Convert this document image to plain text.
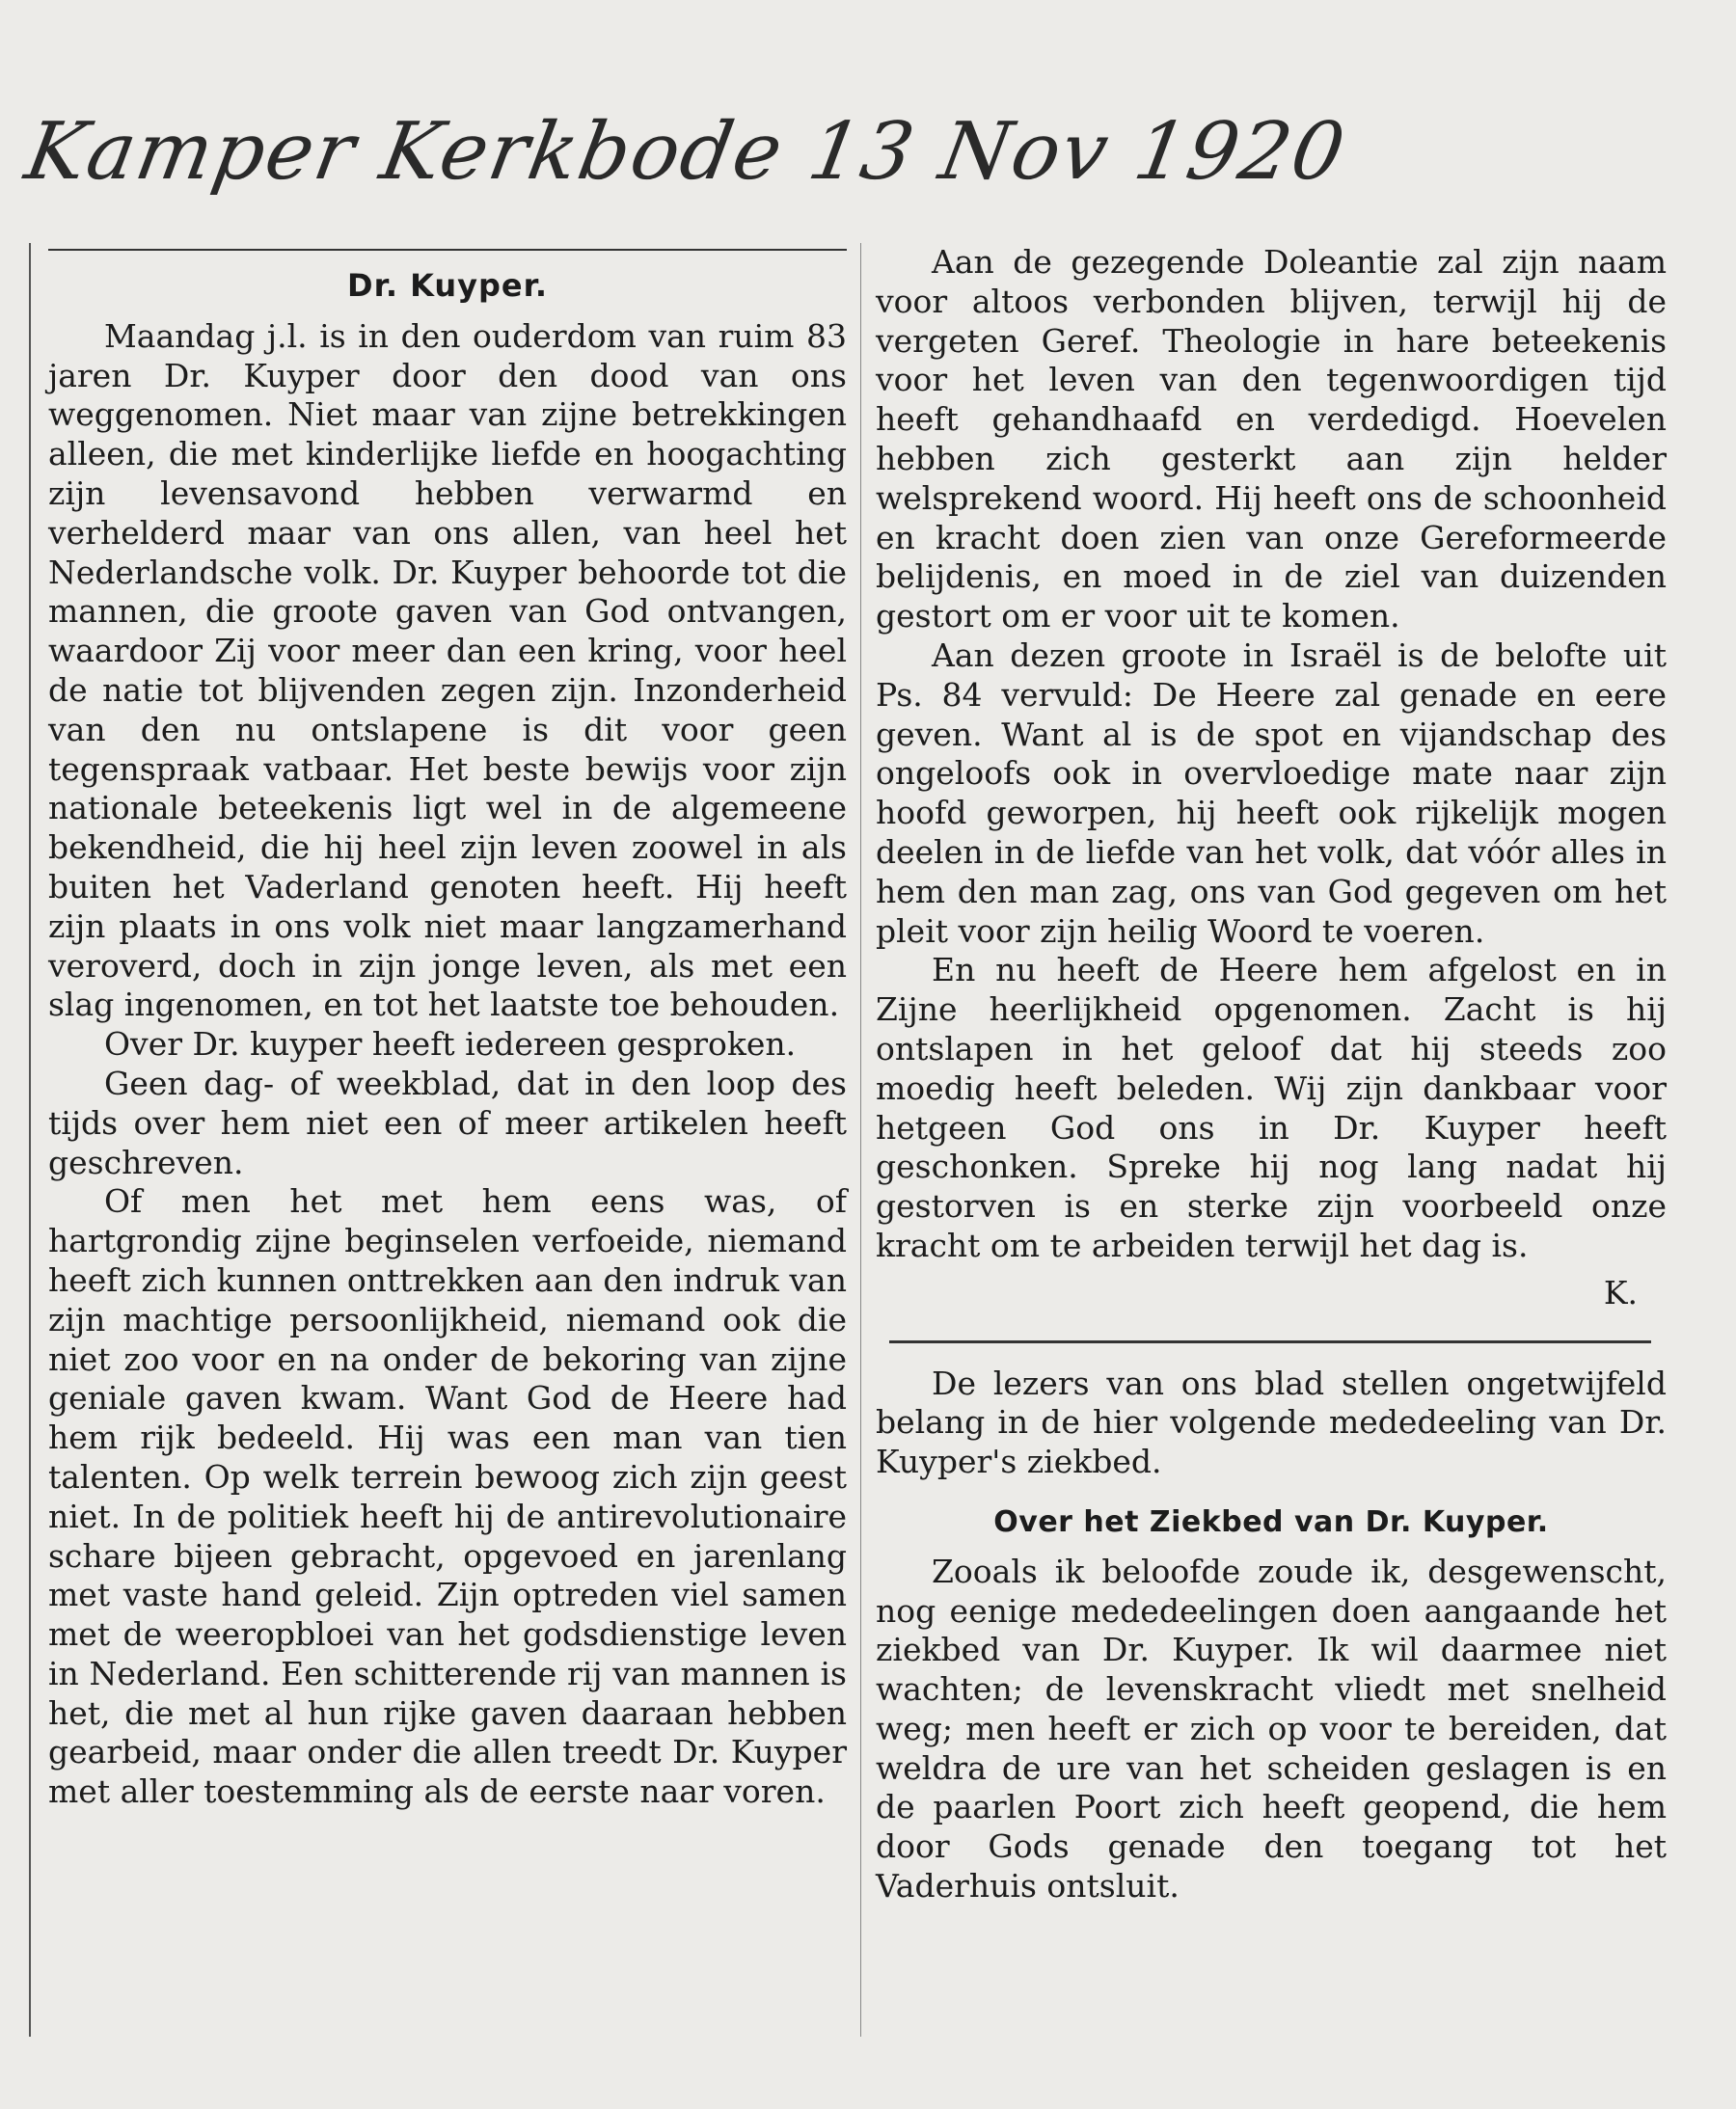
Kamper Kerkbode 13 Nov 1920
Dr. Kuyper.

Maandag j.l. is in den ouderdom van ruim 83 jaren Dr. Kuyper door den dood van ons weggenomen. Niet maar van zijne betrekkingen alleen, die met kinderlijke liefde en hoogachting zijn levensavond hebben verwarmd en verhelderd maar van ons allen, van heel het Nederlandsche volk. Dr. Kuyper behoorde tot die mannen, die groote gaven van God ontvangen, waardoor Zij voor meer dan een kring, voor heel de natie tot blijvenden zegen zijn. Inzonderheid van den nu ontslapene is dit voor geen tegenspraak vatbaar. Het beste bewijs voor zijn nationale beteekenis ligt wel in de algemeene bekendheid, die hij heel zijn leven zoowel in als buiten het Vaderland genoten heeft. Hij heeft zijn plaats in ons volk niet maar langzamerhand veroverd, doch in zijn jonge leven, als met een slag ingenomen, en tot het laatste toe behouden.

Over Dr. kuyper heeft iedereen gesproken.

Geen dag- of weekblad, dat in den loop des tijds over hem niet een of meer artikelen heeft geschreven.

Of men het met hem eens was, of hartgrondig zijne beginselen verfoeide, niemand heeft zich kunnen onttrekken aan den indruk van zijn machtige persoonlijkheid, niemand ook die niet zoo voor en na onder de bekoring van zijne geniale gaven kwam. Want God de Heere had hem rijk bedeeld. Hij was een man van tien talenten. Op welk terrein bewoog zich zijn geest niet. In de politiek heeft hij de antirevolutionaire schare bijeen gebracht, opgevoed en jarenlang met vaste hand geleid. Zijn optreden viel samen met de weeropbloei van het godsdienstige leven in Nederland. Een schitterende rij van mannen is het, die met al hun rijke gaven daaraan hebben gearbeid, maar onder die allen treedt Dr. Kuyper met aller toestemming als de eerste naar voren.

Aan de gezegende Doleantie zal zijn naam voor altoos verbonden blijven, terwijl hij de vergeten Geref. Theologie in hare beteekenis voor het leven van den tegenwoordigen tijd heeft gehandhaafd en verdedigd. Hoevelen hebben zich gesterkt aan zijn helder welsprekend woord. Hij heeft ons de schoonheid en kracht doen zien van onze Gereformeerde belijdenis, en moed in de ziel van duizenden gestort om er voor uit te komen.

Aan dezen groote in Israël is de belofte uit Ps. 84 vervuld: De Heere zal genade en eere geven. Want al is de spot en vijandschap des ongeloofs ook in overvloedige mate naar zijn hoofd geworpen, hij heeft ook rijkelijk mogen deelen in de liefde van het volk, dat vóór alles in hem den man zag, ons van God gegeven om het pleit voor zijn heilig Woord te voeren.

En nu heeft de Heere hem afgelost en in Zijne heerlijkheid opgenomen. Zacht is hij ontslapen in het geloof dat hij steeds zoo moedig heeft beleden. Wij zijn dankbaar voor hetgeen God ons in Dr. Kuyper heeft geschonken. Spreke hij nog lang nadat hij gestorven is en sterke zijn voorbeeld onze kracht om te arbeiden terwijl het dag is.

K.

De lezers van ons blad stellen ongetwijfeld belang in de hier volgende mededeeling van Dr. Kuyper's ziekbed.

Over het Ziekbed van Dr. Kuyper.

Zooals ik beloofde zoude ik, desgewenscht, nog eenige mededeelingen doen aangaande het ziekbed van Dr. Kuyper. Ik wil daarmee niet wachten; de levenskracht vliedt met snelheid weg; men heeft er zich op voor te bereiden, dat weldra de ure van het scheiden geslagen is en de paarlen Poort zich heeft geopend, die hem door Gods genade den toegang tot het Vaderhuis ontsluit.
